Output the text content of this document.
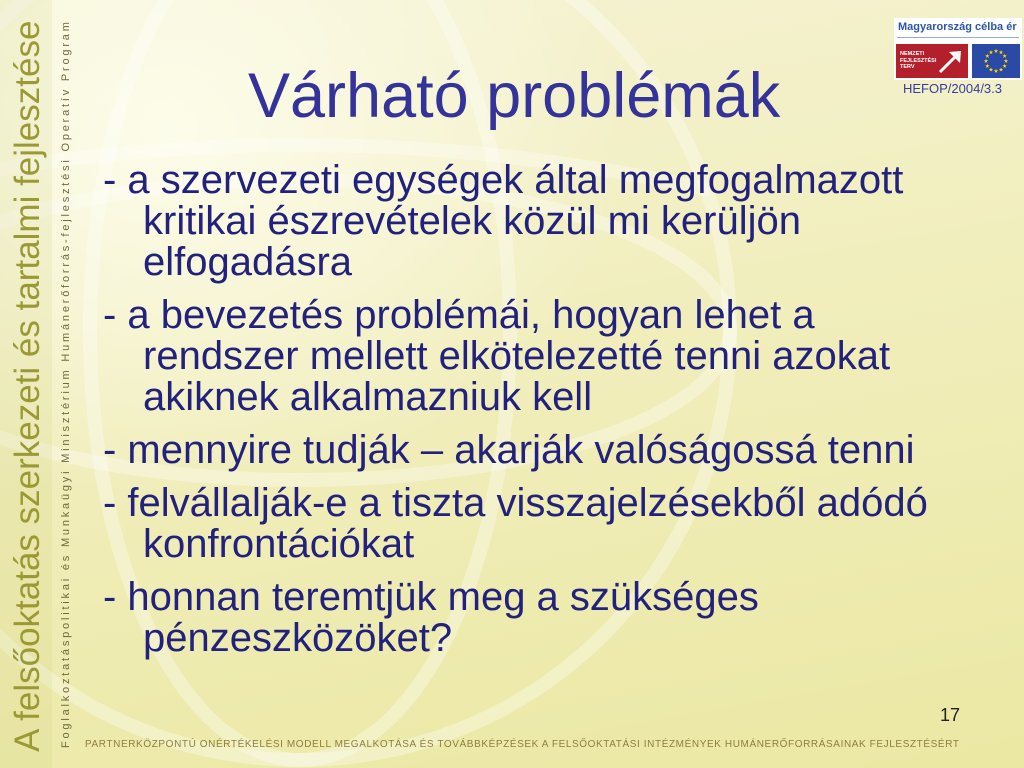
A felsőoktatás szerkezeti és tartalmi fejlesztése Foglalkoztatáspolitikai és Munkaügyi Minisztérium Humánerőforrás-fejlesztési Operatív Program	Várható problémák
Magyarország célba ér
NEMZETI
FEJLESZTÉSI
TERV
HEFOP/2004/3.3
- a szervezeti egységek által megfogalmazott
kritikai észrevételek közül mi kerüljön
elfogadásra
- a bevezetés problémái, hogyan lehet a
rendszer mellett elkötelezetté tenni azokat
akiknek alkalmazniuk kell
- mennyire tudják – akarják valóságossá tenni
- felvállalják-e a tiszta visszajelzésekből adódó
konfrontációkat
- honnan teremtjük meg a szükséges
pénzeszközöket?
17
PARTNERKÖZPONTÚ ONÉRTÉKELÉSI MODELL MEGALKOTÁSA ÉS TOVÁBBKÉPZÉSEK A FELSŐOKTATÁSI INTÉZMÉNYEK HUMÁNERŐFORRÁSAINAK FEJLESZTÉSÉRT
